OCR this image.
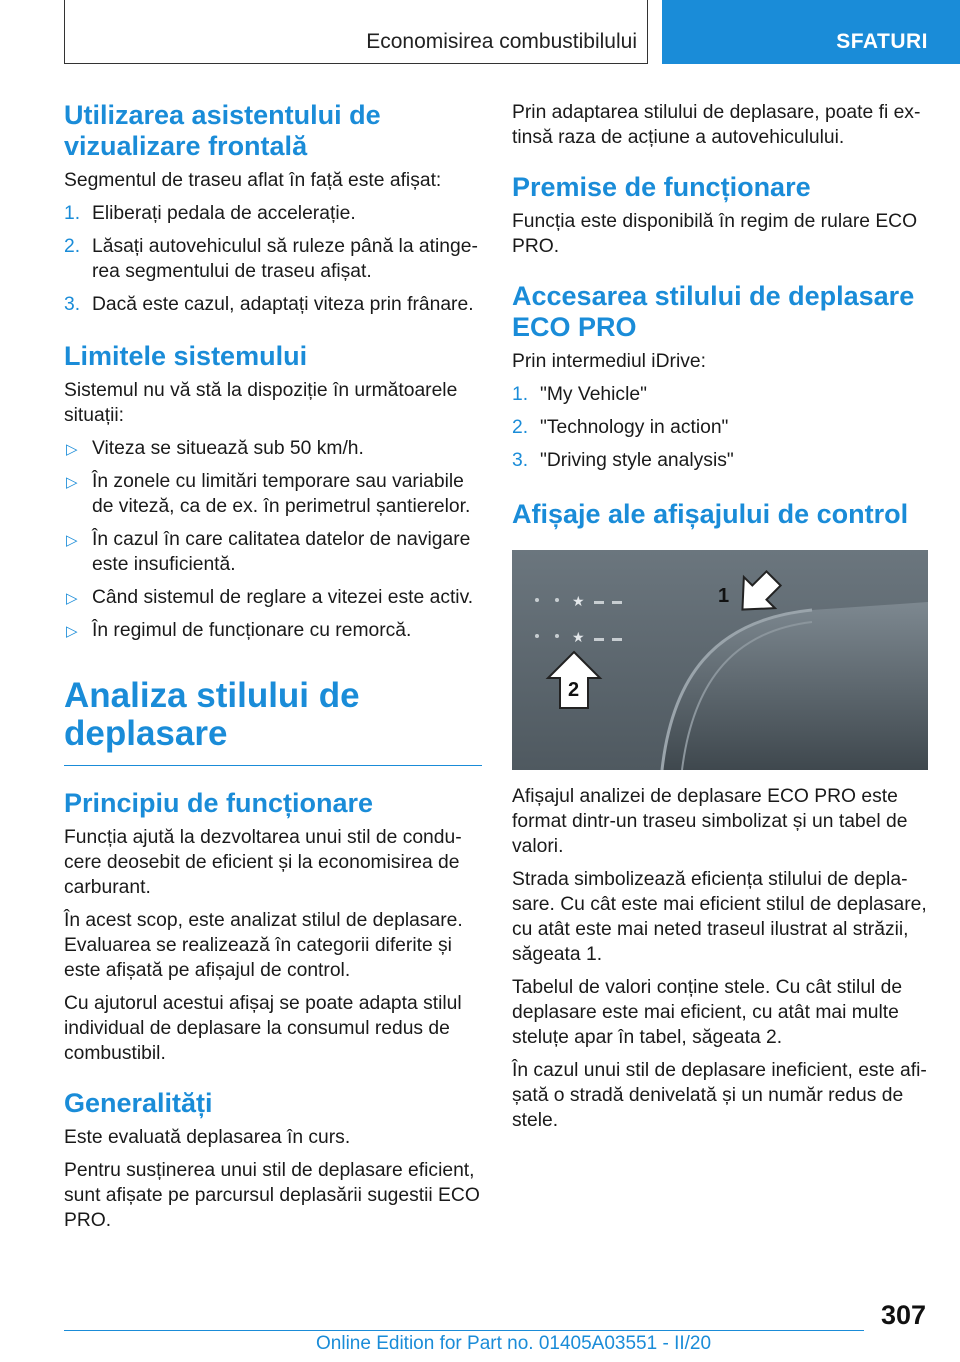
Economisirea combustibilului	SFATURI
Utilizarea asistentului de vizualizare frontală

Segmentul de traseu aflat în față este afișat:

1. Eliberați pedala de accelerație.
2. Lăsați autovehiculul să ruleze până la atingerea segmentului de traseu afișat.
3. Dacă este cazul, adaptați viteza prin frânare.
Limitele sistemului

Sistemul nu vă stă la dispoziție în următoarele situații:

▷ Viteza se situează sub 50 km/h.
▷ În zonele cu limitări temporare sau variabile de viteză, ca de ex. în perimetrul șantierelor.
▷ În cazul în care calitatea datelor de navigare este insuficientă.
▷ Când sistemul de reglare a vitezei este activ.
▷ În regimul de funcționare cu remorcă.
Analiza stilului de deplasare
Principiu de funcționare

Funcția ajută la dezvoltarea unui stil de conducere deosebit de eficient și la economisirea de carburant.

În acest scop, este analizat stilul de deplasare. Evaluarea se realizează în categorii diferite și este afișată pe afișajul de control.

Cu ajutorul acestui afișaj se poate adapta stilul individual de deplasare la consumul redus de combustibil.

Generalități

Este evaluată deplasarea în curs.

Pentru susținerea unui stil de deplasare eficient, sunt afișate pe parcursul deplasării sugestii ECO PRO.

Prin adaptarea stilului de deplasare, poate fi extinsă raza de acțiune a autovehiculului.

Premise de funcționare

Funcția este disponibilă în regim de rulare ECO PRO.

Accesarea stilului de deplasare ECO PRO

Prin intermediul iDrive:

1. "My Vehicle"
2. "Technology in action"
3. "Driving style analysis"
Afișaje ale afișajului de control
★
★
1
2

Afișajul analizei de deplasare ECO PRO este format dintr-un traseu simbolizat și un tabel de valori.

Strada simbolizează eficiența stilului de deplasare. Cu cât este mai eficient stilul de deplasare, cu atât este mai neted traseul ilustrat al străzii, săgeata 1.

Tabelul de valori conține stele. Cu cât stilul de deplasare este mai eficient, cu atât mai multe steluțe apar în tabel, săgeata 2.

În cazul unui stil de deplasare ineficient, este afișată o stradă denivelată și un număr redus de stele.

307
Online Edition for Part no. 01405A03551 - II/20
